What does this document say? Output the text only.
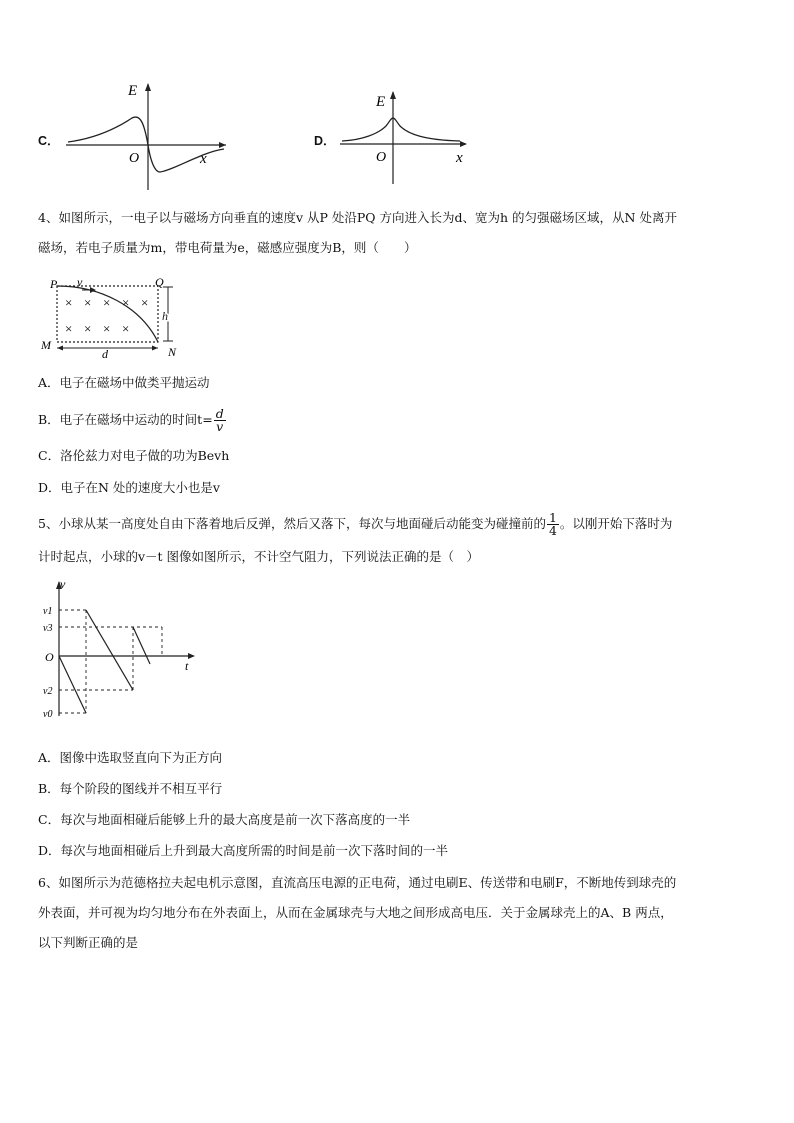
C．
E
O	x
D．
E
O	x
4、如图所示，一电子以与磁场方向垂直的速度v 从P 处沿PQ 方向进入长为d、宽为h 的匀强磁场区域，从N 处离开
磁场，若电子质量为m，带电荷量为e，磁感应强度为B，则（　　）
× × × × ×
× × × ×
P v	Q
M	N
h
d
A．电子在磁场中做类平抛运动
B．电子在磁场中运动的时间$t= \frac{d}{v}$
C．洛伦兹力对电子做的功为Bevh
D．电子在N 处的速度大小也是v
5、小球从某一高度处自由下落着地后反弹，然后又落下，每次与地面碰后动能变为碰撞前的 $\frac{1}{4}$ 。以刚开始下落时为
计时起点，小球的v－t 图像如图所示，不计空气阻力，下列说法正确的是（　）
v
t
O
v1
v3
v2
v0
A．图像中选取竖直向下为正方向
B．每个阶段的图线并不相互平行
C．每次与地面相碰后能够上升的最大高度是前一次下落高度的一半
D．每次与地面相碰后上升到最大高度所需的时间是前一次下落时间的一半
6、如图所示为范德格拉夫起电机示意图，直流高压电源的正电荷，通过电刷E、传送带和电刷F，不断地传到球壳的
外表面，并可视为均匀地分布在外表面上，从而在金属球壳与大地之间形成高电压．关于金属球壳上的A、B 两点，
以下判断正确的是
